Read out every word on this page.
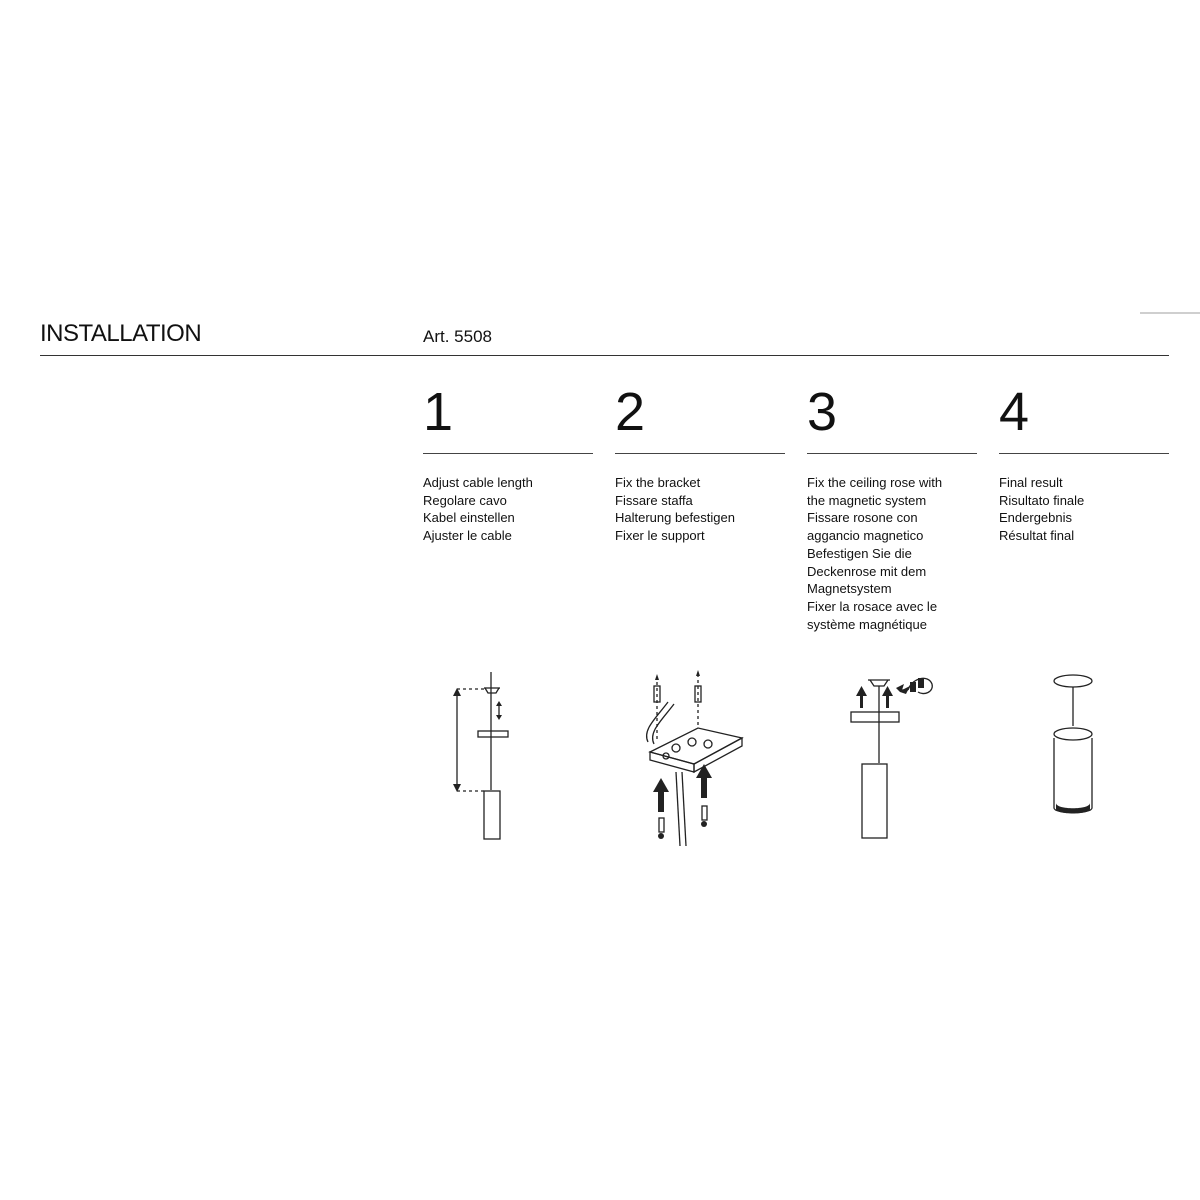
INSTALLATION	Art. 5508
1
Adjust cable length
Regolare cavo
Kabel einstellen
Ajuster le cable
2
Fix the bracket
Fissare staffa
Halterung befestigen
Fixer le support
3
Fix the ceiling rose with
the magnetic system
Fissare rosone con
aggancio magnetico
Befestigen Sie die
Deckenrose mit dem
Magnetsystem
Fixer la rosace avec le
système magnétique
4
Final result
Risultato finale
Endergebnis
Résultat final
